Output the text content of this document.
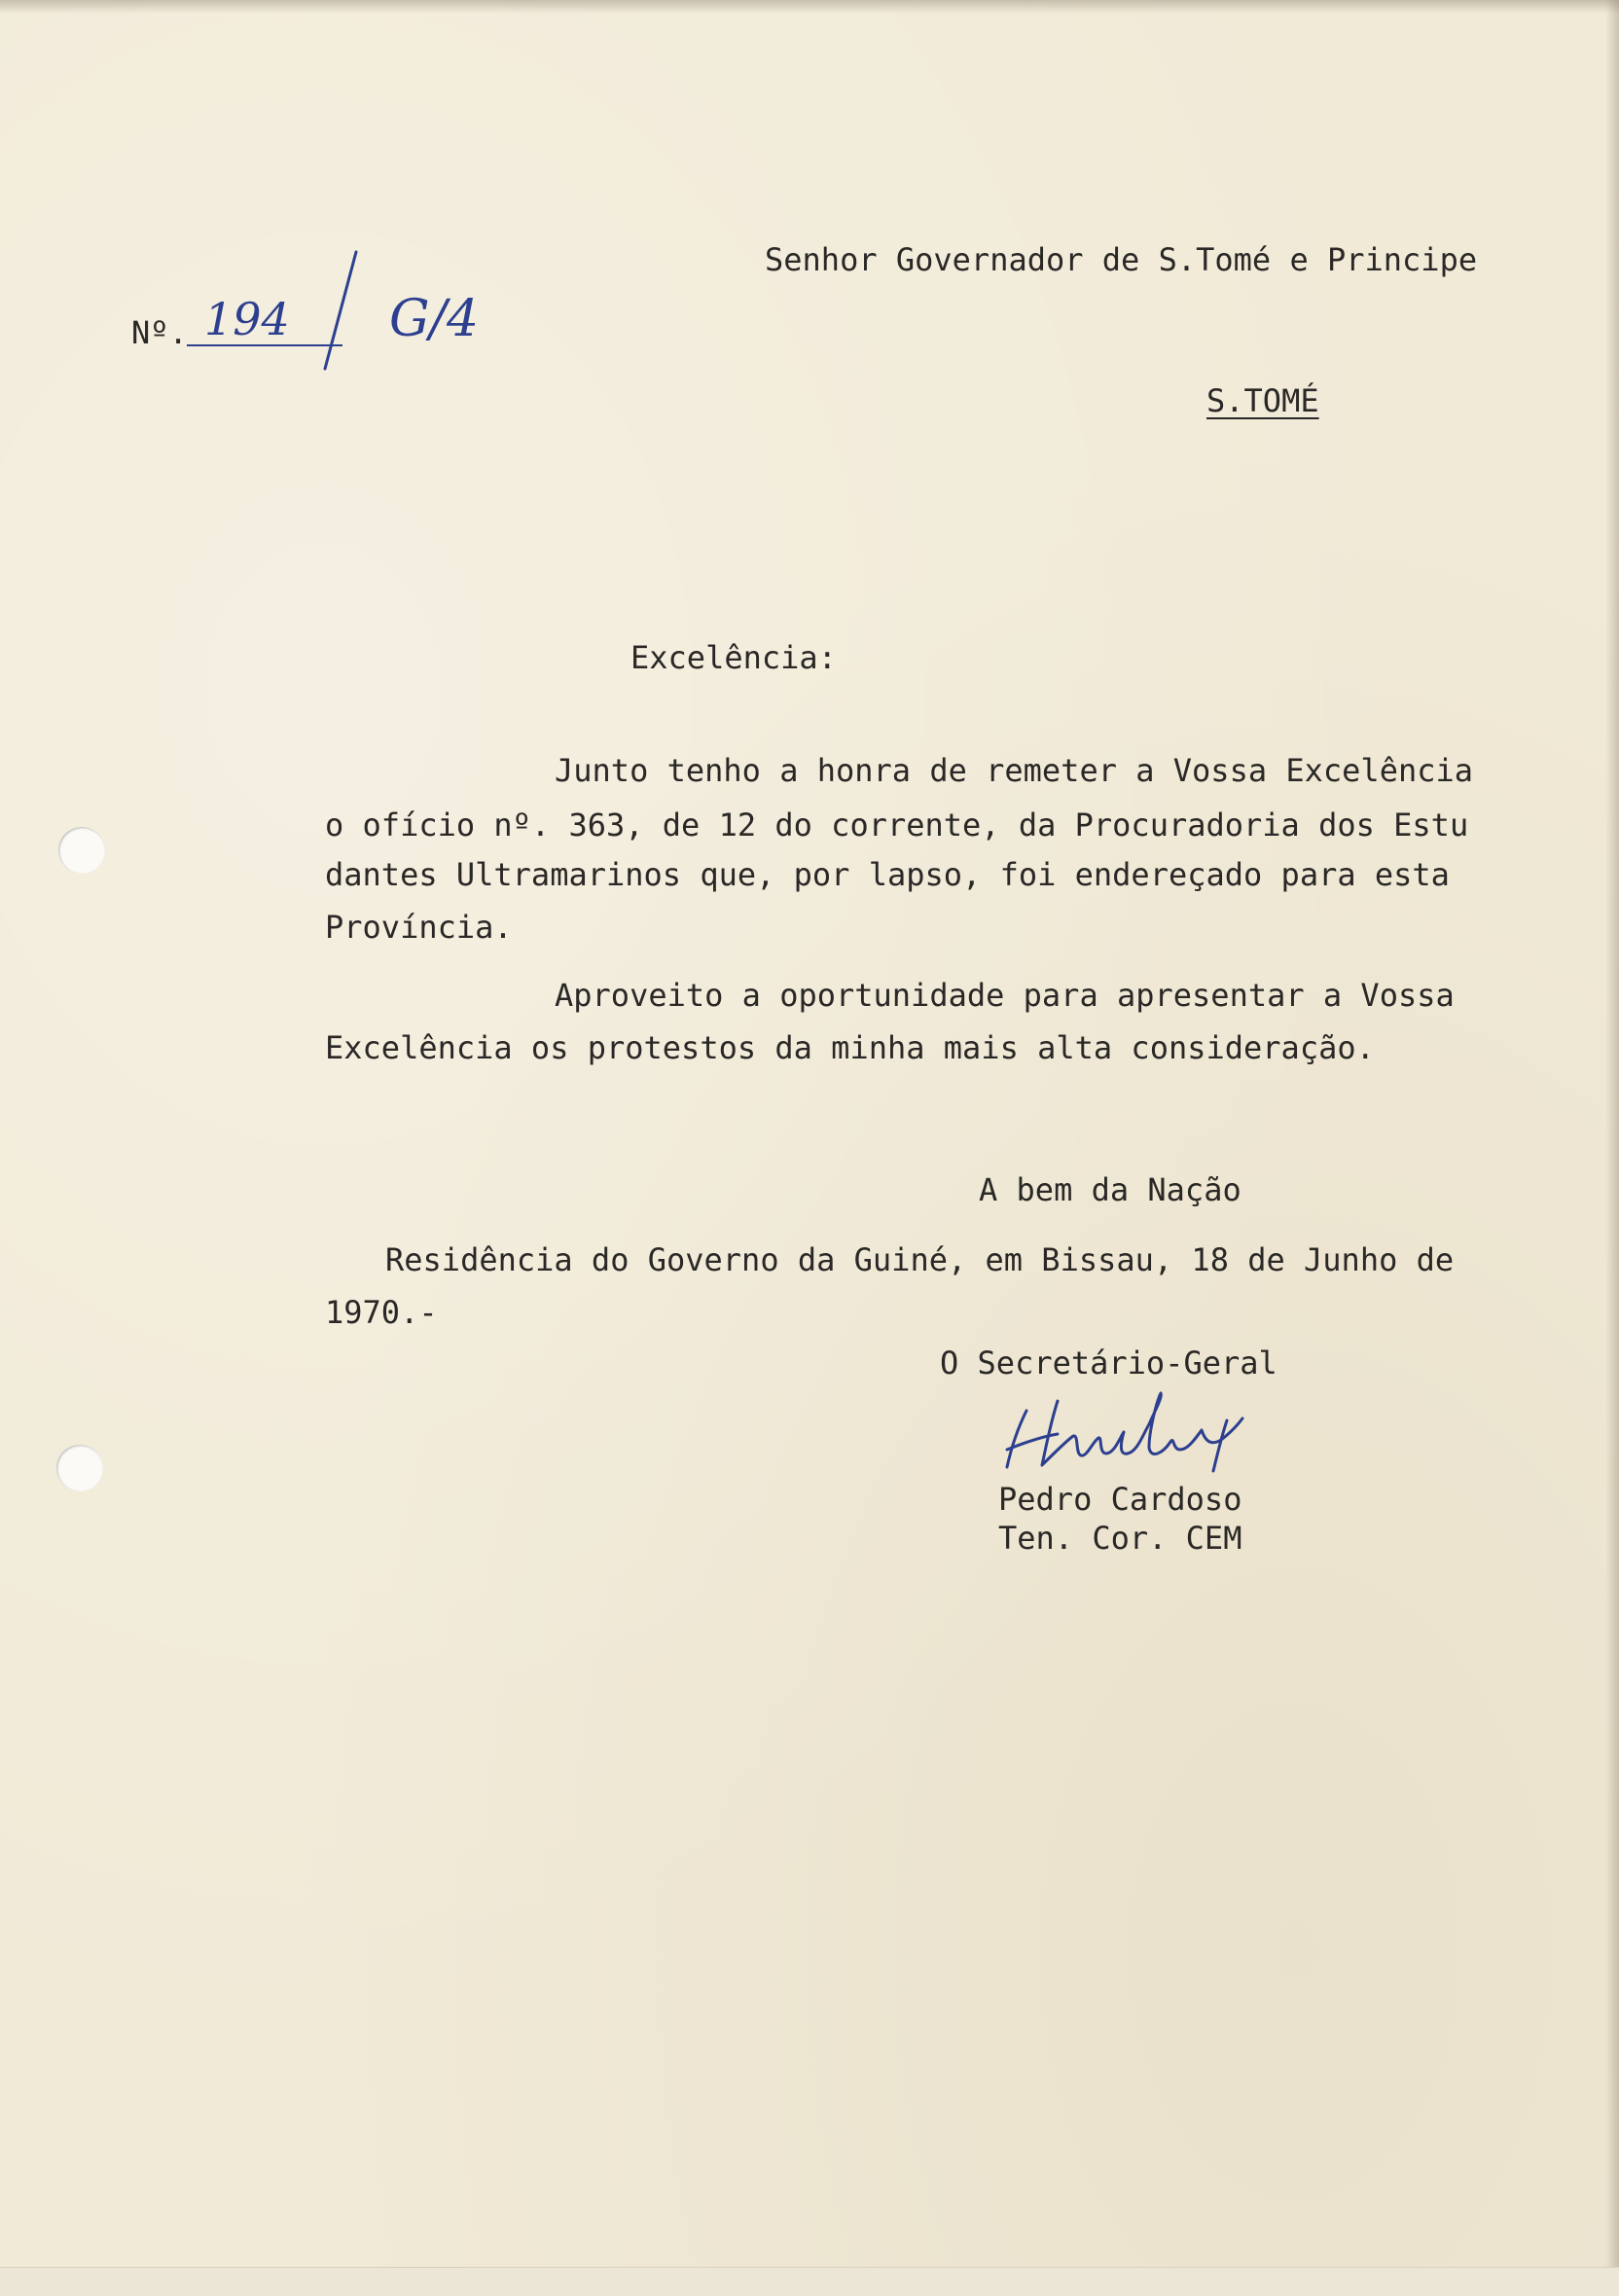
Nº. 194 G/4
Senhor Governador de S.Tomé e Principe
S.TOMÉ
Excelência:
Junto tenho a honra de remeter a Vossa Excelência
o ofício nº. 363, de 12 do corrente, da Procuradoria dos Estu
dantes Ultramarinos que, por lapso, foi endereçado para esta
Província.
Aproveito a oportunidade para apresentar a Vossa
Excelência os protestos da minha mais alta consideração.
A bem da Nação
Residência do Governo da Guiné, em Bissau, 18 de Junho de
1970.-
O Secretário-Geral
Pedro Cardoso
Ten. Cor. CEM
